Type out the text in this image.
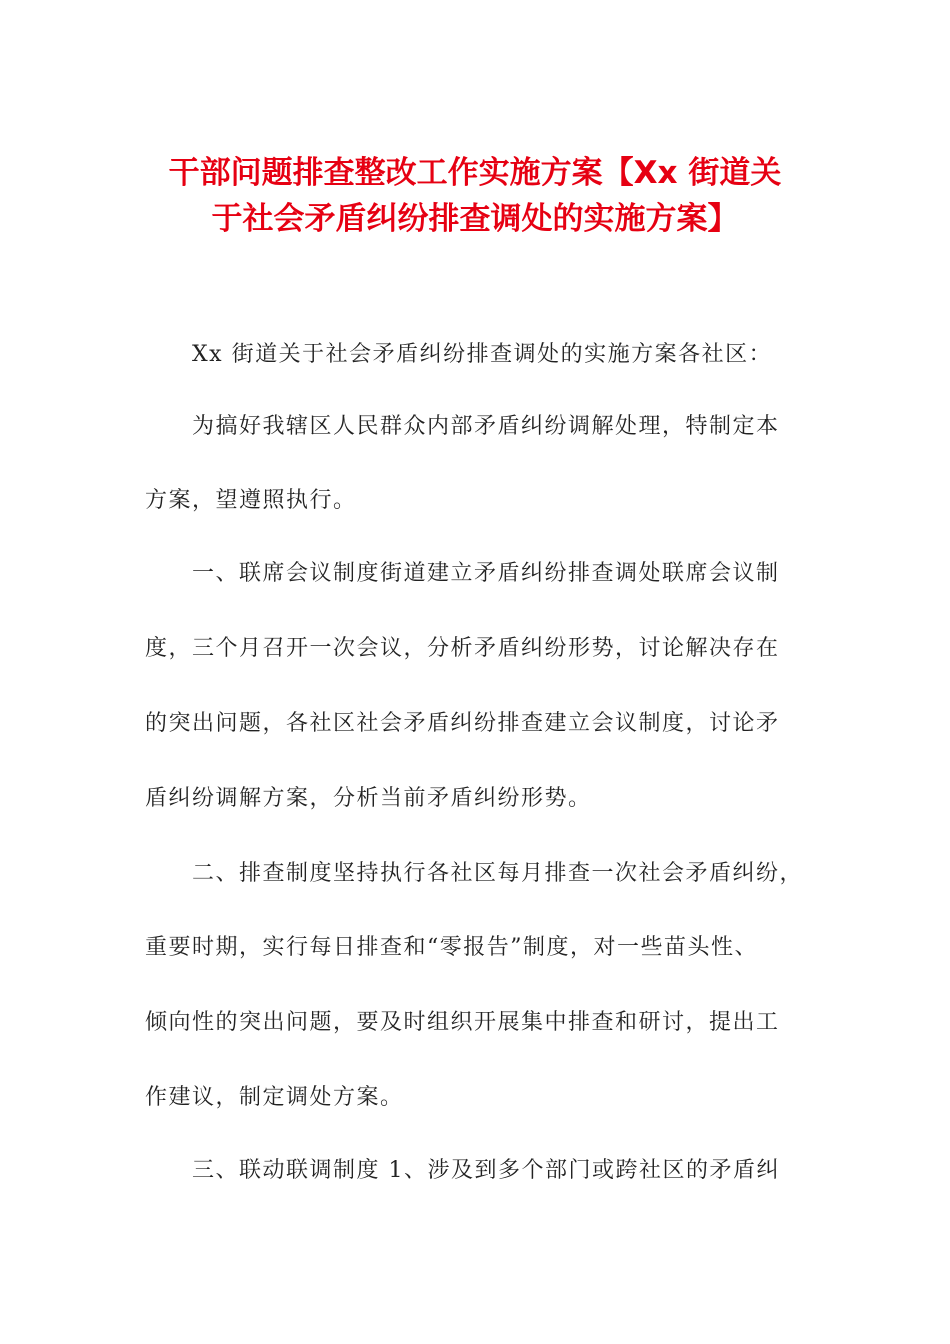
干部问题排查整改工作实施方案【Xx 街道关
于社会矛盾纠纷排查调处的实施方案】

Xx 街道关于社会矛盾纠纷排查调处的实施方案各社区：

为搞好我辖区人民群众内部矛盾纠纷调解处理，特制定本

方案，望遵照执行。

一、联席会议制度街道建立矛盾纠纷排查调处联席会议制

度，三个月召开一次会议，分析矛盾纠纷形势，讨论解决存在

的突出问题，各社区社会矛盾纠纷排查建立会议制度，讨论矛

盾纠纷调解方案，分析当前矛盾纠纷形势。

二、排查制度坚持执行各社区每月排查一次社会矛盾纠纷，

重要时期，实行每日排查和“零报告”制度，对一些苗头性、

倾向性的突出问题，要及时组织开展集中排查和研讨，提出工

作建议，制定调处方案。

三、联动联调制度 1、涉及到多个部门或跨社区的矛盾纠
